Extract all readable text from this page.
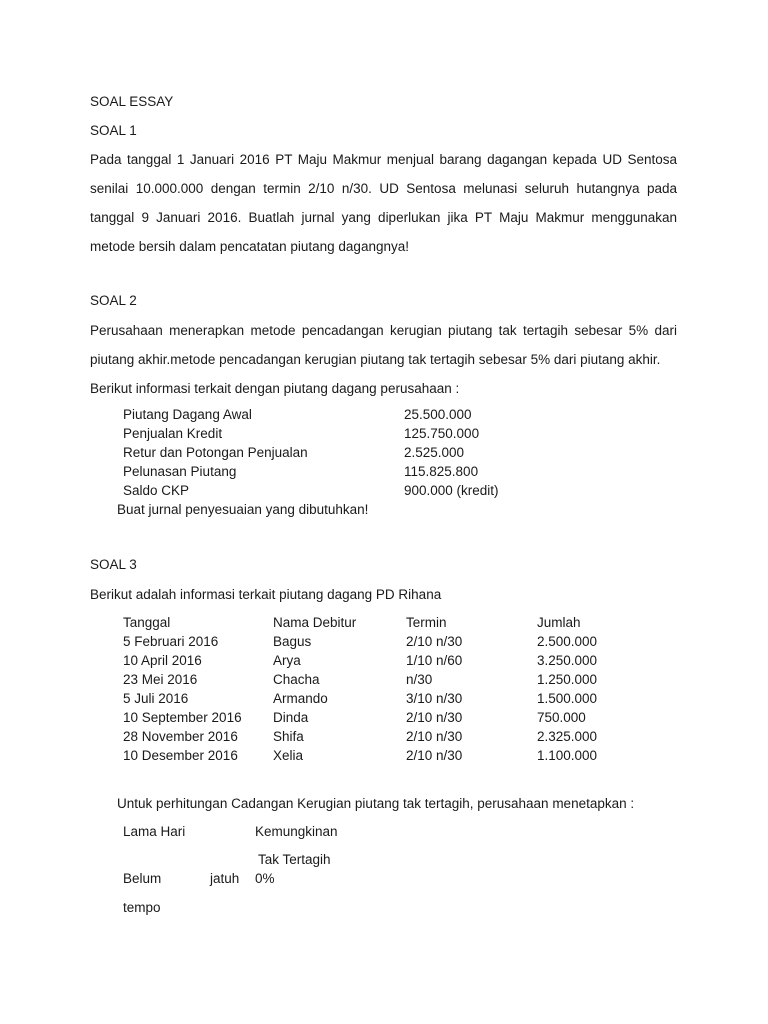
SOAL ESSAY
SOAL 1
Pada tanggal 1 Januari 2016 PT Maju Makmur menjual barang dagangan kepada UD Sentosa
senilai 10.000.000 dengan termin 2/10 n/30. UD Sentosa melunasi seluruh hutangnya pada
tanggal 9 Januari 2016. Buatlah jurnal yang diperlukan jika PT Maju Makmur menggunakan
metode bersih dalam pencatatan piutang dagangnya!
SOAL 2
Perusahaan menerapkan metode pencadangan kerugian piutang tak tertagih sebesar 5% dari
piutang akhir.metode pencadangan kerugian piutang tak tertagih sebesar 5% dari piutang akhir.
Berikut informasi terkait dengan piutang dagang perusahaan :
Piutang Dagang Awal	25.500.000
Penjualan Kredit	125.750.000
Retur dan Potongan Penjualan	2.525.000
Pelunasan Piutang	115.825.800
Saldo CKP	900.000 (kredit)
Buat jurnal penyesuaian yang dibutuhkan!
SOAL 3
Berikut adalah informasi terkait piutang dagang PD Rihana
Tanggal	Nama Debitur	Termin	Jumlah
5 Februari 2016	Bagus	2/10 n/30	2.500.000
10 April 2016	Arya	1/10 n/60	3.250.000
23 Mei 2016	Chacha	n/30	1.250.000
5 Juli 2016	Armando	3/10 n/30	1.500.000
10 September 2016 Dinda	2/10 n/30	750.000
28 November 2016	Shifa	2/10 n/30	2.325.000
10 Desember 2016	Xelia	2/10 n/30	1.100.000
Untuk perhitungan Cadangan Kerugian piutang tak tertagih, perusahaan menetapkan :
Lama Hari	Kemungkinan
Tak Tertagih
Belum	jatuh 0%
tempo
